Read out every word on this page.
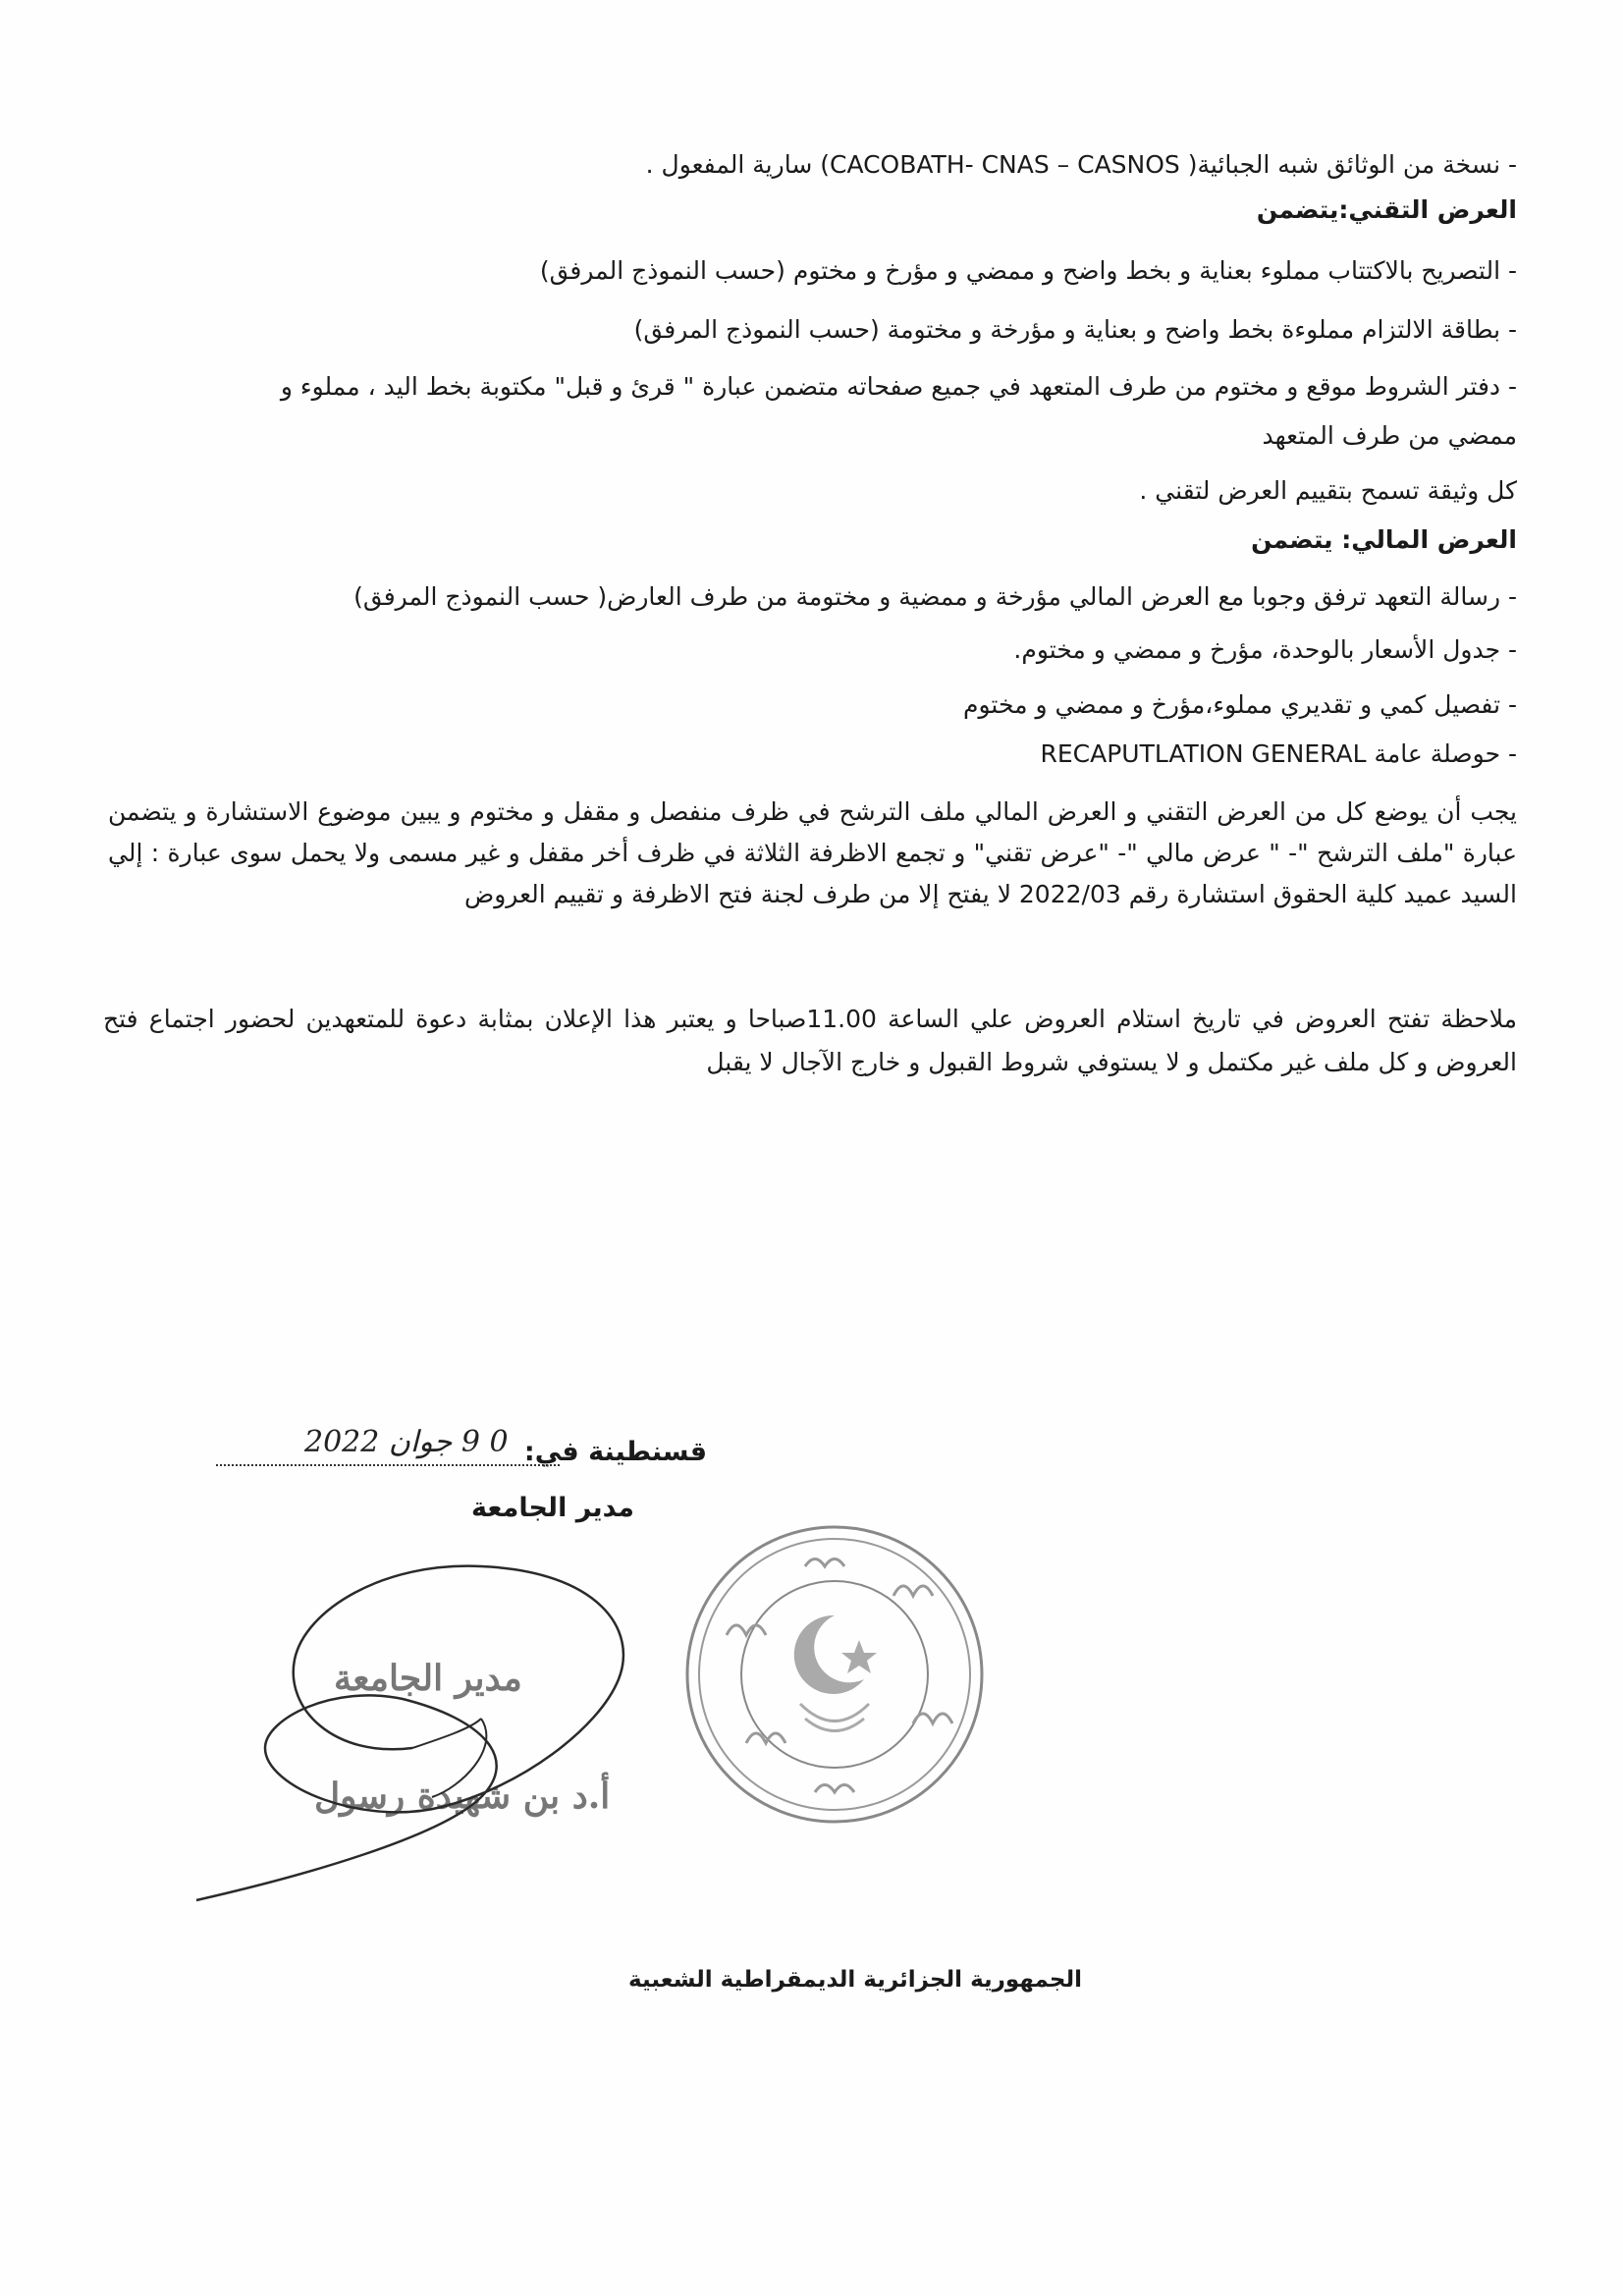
- نسخة من الوثائق شبه الجبائية( CACOBATH- CNAS – CASNOS) سارية المفعول .
العرض التقني:يتضمن
- التصريح بالاكتتاب مملوء بعناية و بخط واضح و ممضي و مؤرخ و مختوم (حسب النموذج المرفق)
- بطاقة الالتزام مملوءة بخط واضح و بعناية و مؤرخة و مختومة (حسب النموذج المرفق)
- دفتر الشروط موقع و مختوم من طرف المتعهد في جميع صفحاته متضمن عبارة " قرئ و قبل" مكتوبة بخط اليد ، مملوء و
ممضي من طرف المتعهد
كل وثيقة تسمح بتقييم العرض لتقني .
العرض المالي: يتضمن
- رسالة التعهد ترفق وجوبا مع العرض المالي مؤرخة و ممضية و مختومة من طرف العارض( حسب النموذج المرفق)
- جدول الأسعار بالوحدة، مؤرخ و ممضي و مختوم.
- تفصيل كمي و تقديري مملوء،مؤرخ و ممضي و مختوم
- حوصلة عامة RECAPUTLATION GENERAL
يجب أن يوضع كل من العرض التقني و العرض المالي ملف الترشح في ظرف منفصل و مقفل و مختوم و يبين موضوع الاستشارة و يتضمن عبارة "ملف الترشح "- " عرض مالي "- "عرض تقني" و تجمع الاظرفة الثلاثة في ظرف أخر مقفل و غير مسمى ولا يحمل سوى عبارة : إلي السيد عميد كلية الحقوق استشارة رقم 2022/03 لا يفتح إلا من طرف لجنة فتح الاظرفة و تقييم العروض
ملاحظة تفتح العروض في تاريخ استلام العروض علي الساعة 11.00صباحا و يعتبر هذا الإعلان بمثابة دعوة للمتعهدين لحضور اجتماع فتح العروض و كل ملف غير مكتمل و لا يستوفي شروط القبول و خارج الآجال لا يقبل
قسنطينة في:
0 9 جوان 2022
مدير الجامعة
مدير الجامعة
أ.د بن شهيدة رسول
الجمهورية الجزائرية الديمقراطية الشعبية
